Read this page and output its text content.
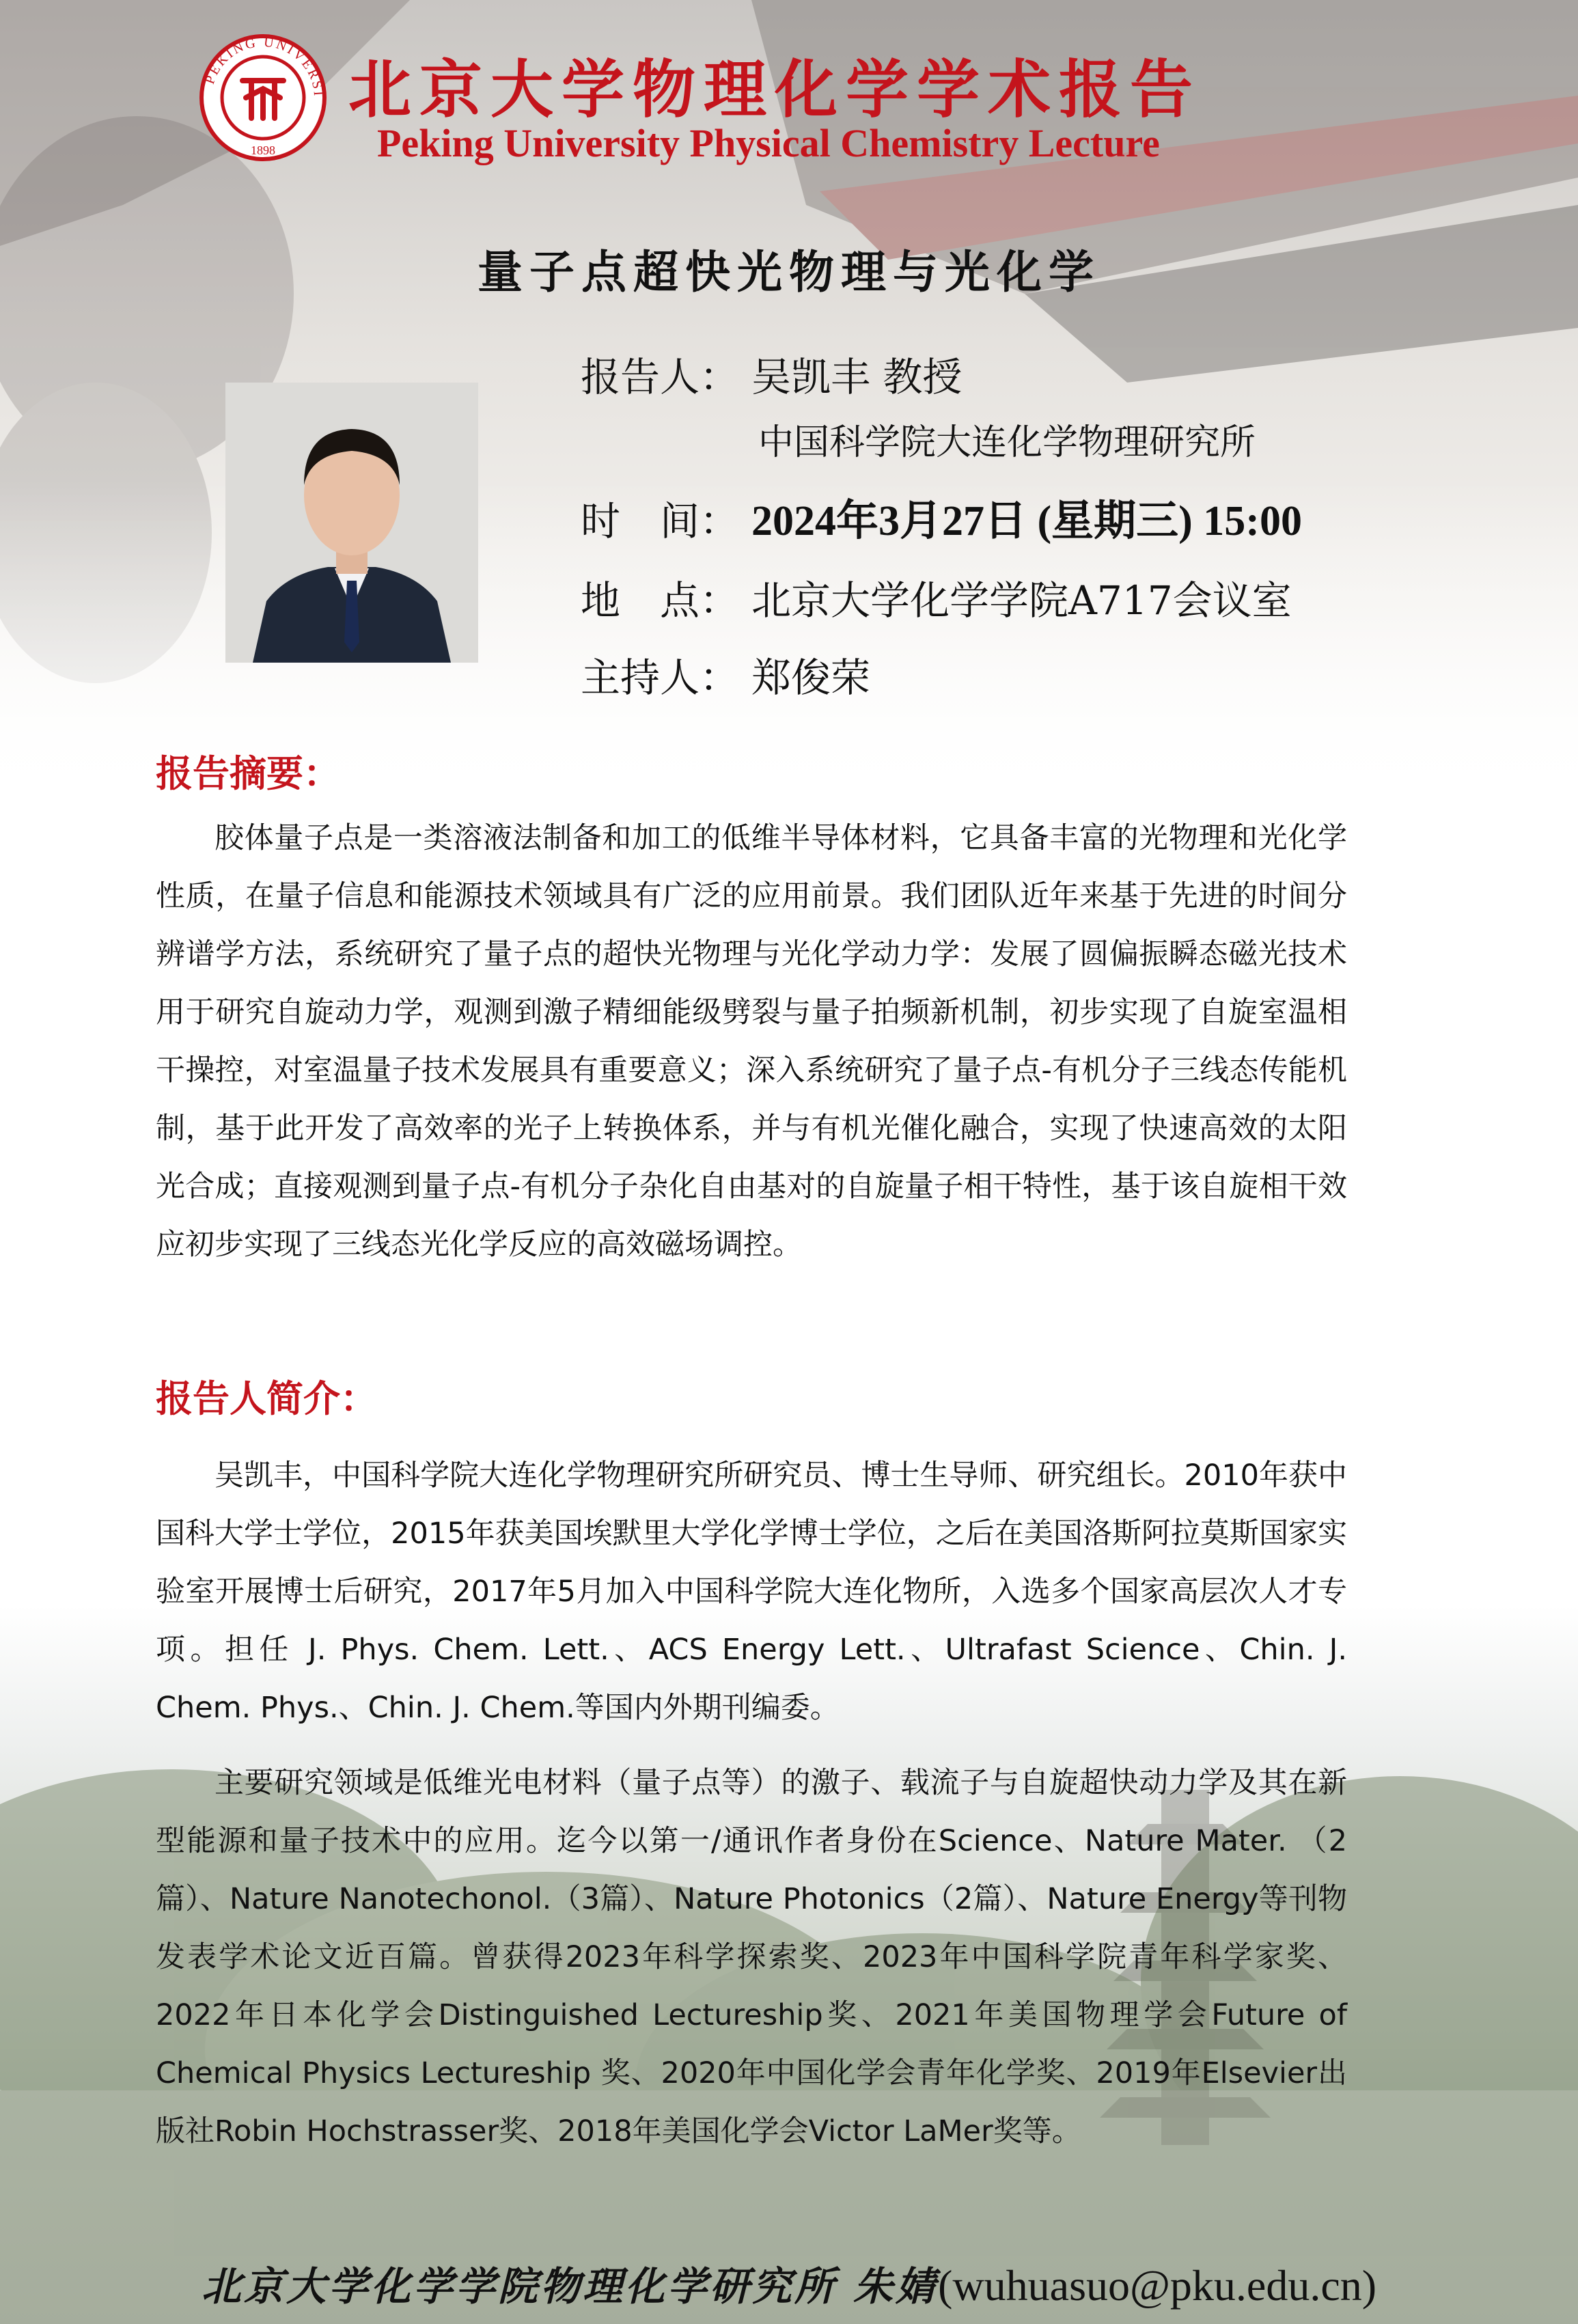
PEKING UNIVERSI
1898
北京大学物理化学学术报告
Peking University Physical Chemistry Lecture
量子点超快光物理与光化学
报告人： 吴凯丰 教授
中国科学院大连化学物理研究所
时　间： 2024年3月27日 (星期三) 15:00
地　点： 北京大学化学学院A717会议室
主持人： 郑俊荣
报告摘要：
胶体量子点是一类溶液法制备和加工的低维半导体材料，它具备丰富的光物理和光化学性质，在量子信息和能源技术领域具有广泛的应用前景。我们团队近年来基于先进的时间分辨谱学方法，系统研究了量子点的超快光物理与光化学动力学：发展了圆偏振瞬态磁光技术用于研究自旋动力学，观测到激子精细能级劈裂与量子拍频新机制，初步实现了自旋室温相干操控，对室温量子技术发展具有重要意义；深入系统研究了量子点-有机分子三线态传能机制，基于此开发了高效率的光子上转换体系，并与有机光催化融合，实现了快速高效的太阳光合成；直接观测到量子点-有机分子杂化自由基对的自旋量子相干特性，基于该自旋相干效应初步实现了三线态光化学反应的高效磁场调控。
报告人简介：
吴凯丰，中国科学院大连化学物理研究所研究员、博士生导师、研究组长。2010年获中国科大学士学位，2015年获美国埃默里大学化学博士学位，之后在美国洛斯阿拉莫斯国家实验室开展博士后研究，2017年5月加入中国科学院大连化物所，入选多个国家高层次人才专项。担任 J. Phys. Chem. Lett.、ACS Energy Lett.、Ultrafast Science、Chin. J. Chem. Phys.、Chin. J. Chem.等国内外期刊编委。
主要研究领域是低维光电材料（量子点等）的激子、载流子与自旋超快动力学及其在新型能源和量子技术中的应用。迄今以第一/通讯作者身份在Science、Nature Mater. （2篇）、Nature Nanotechonol.（3篇）、Nature Photonics（2篇）、Nature Energy等刊物发表学术论文近百篇。曾获得2023年科学探索奖、2023年中国科学院青年科学家奖、2022年日本化学会Distinguished Lectureship奖、2021年美国物理学会Future of Chemical Physics Lectureship 奖、2020年中国化学会青年化学奖、2019年Elsevier出版社Robin Hochstrasser奖、2018年美国化学会Victor LaMer奖等。
北京大学化学学院物理化学研究所 朱婧(wuhuasuo@pku.edu.cn)
